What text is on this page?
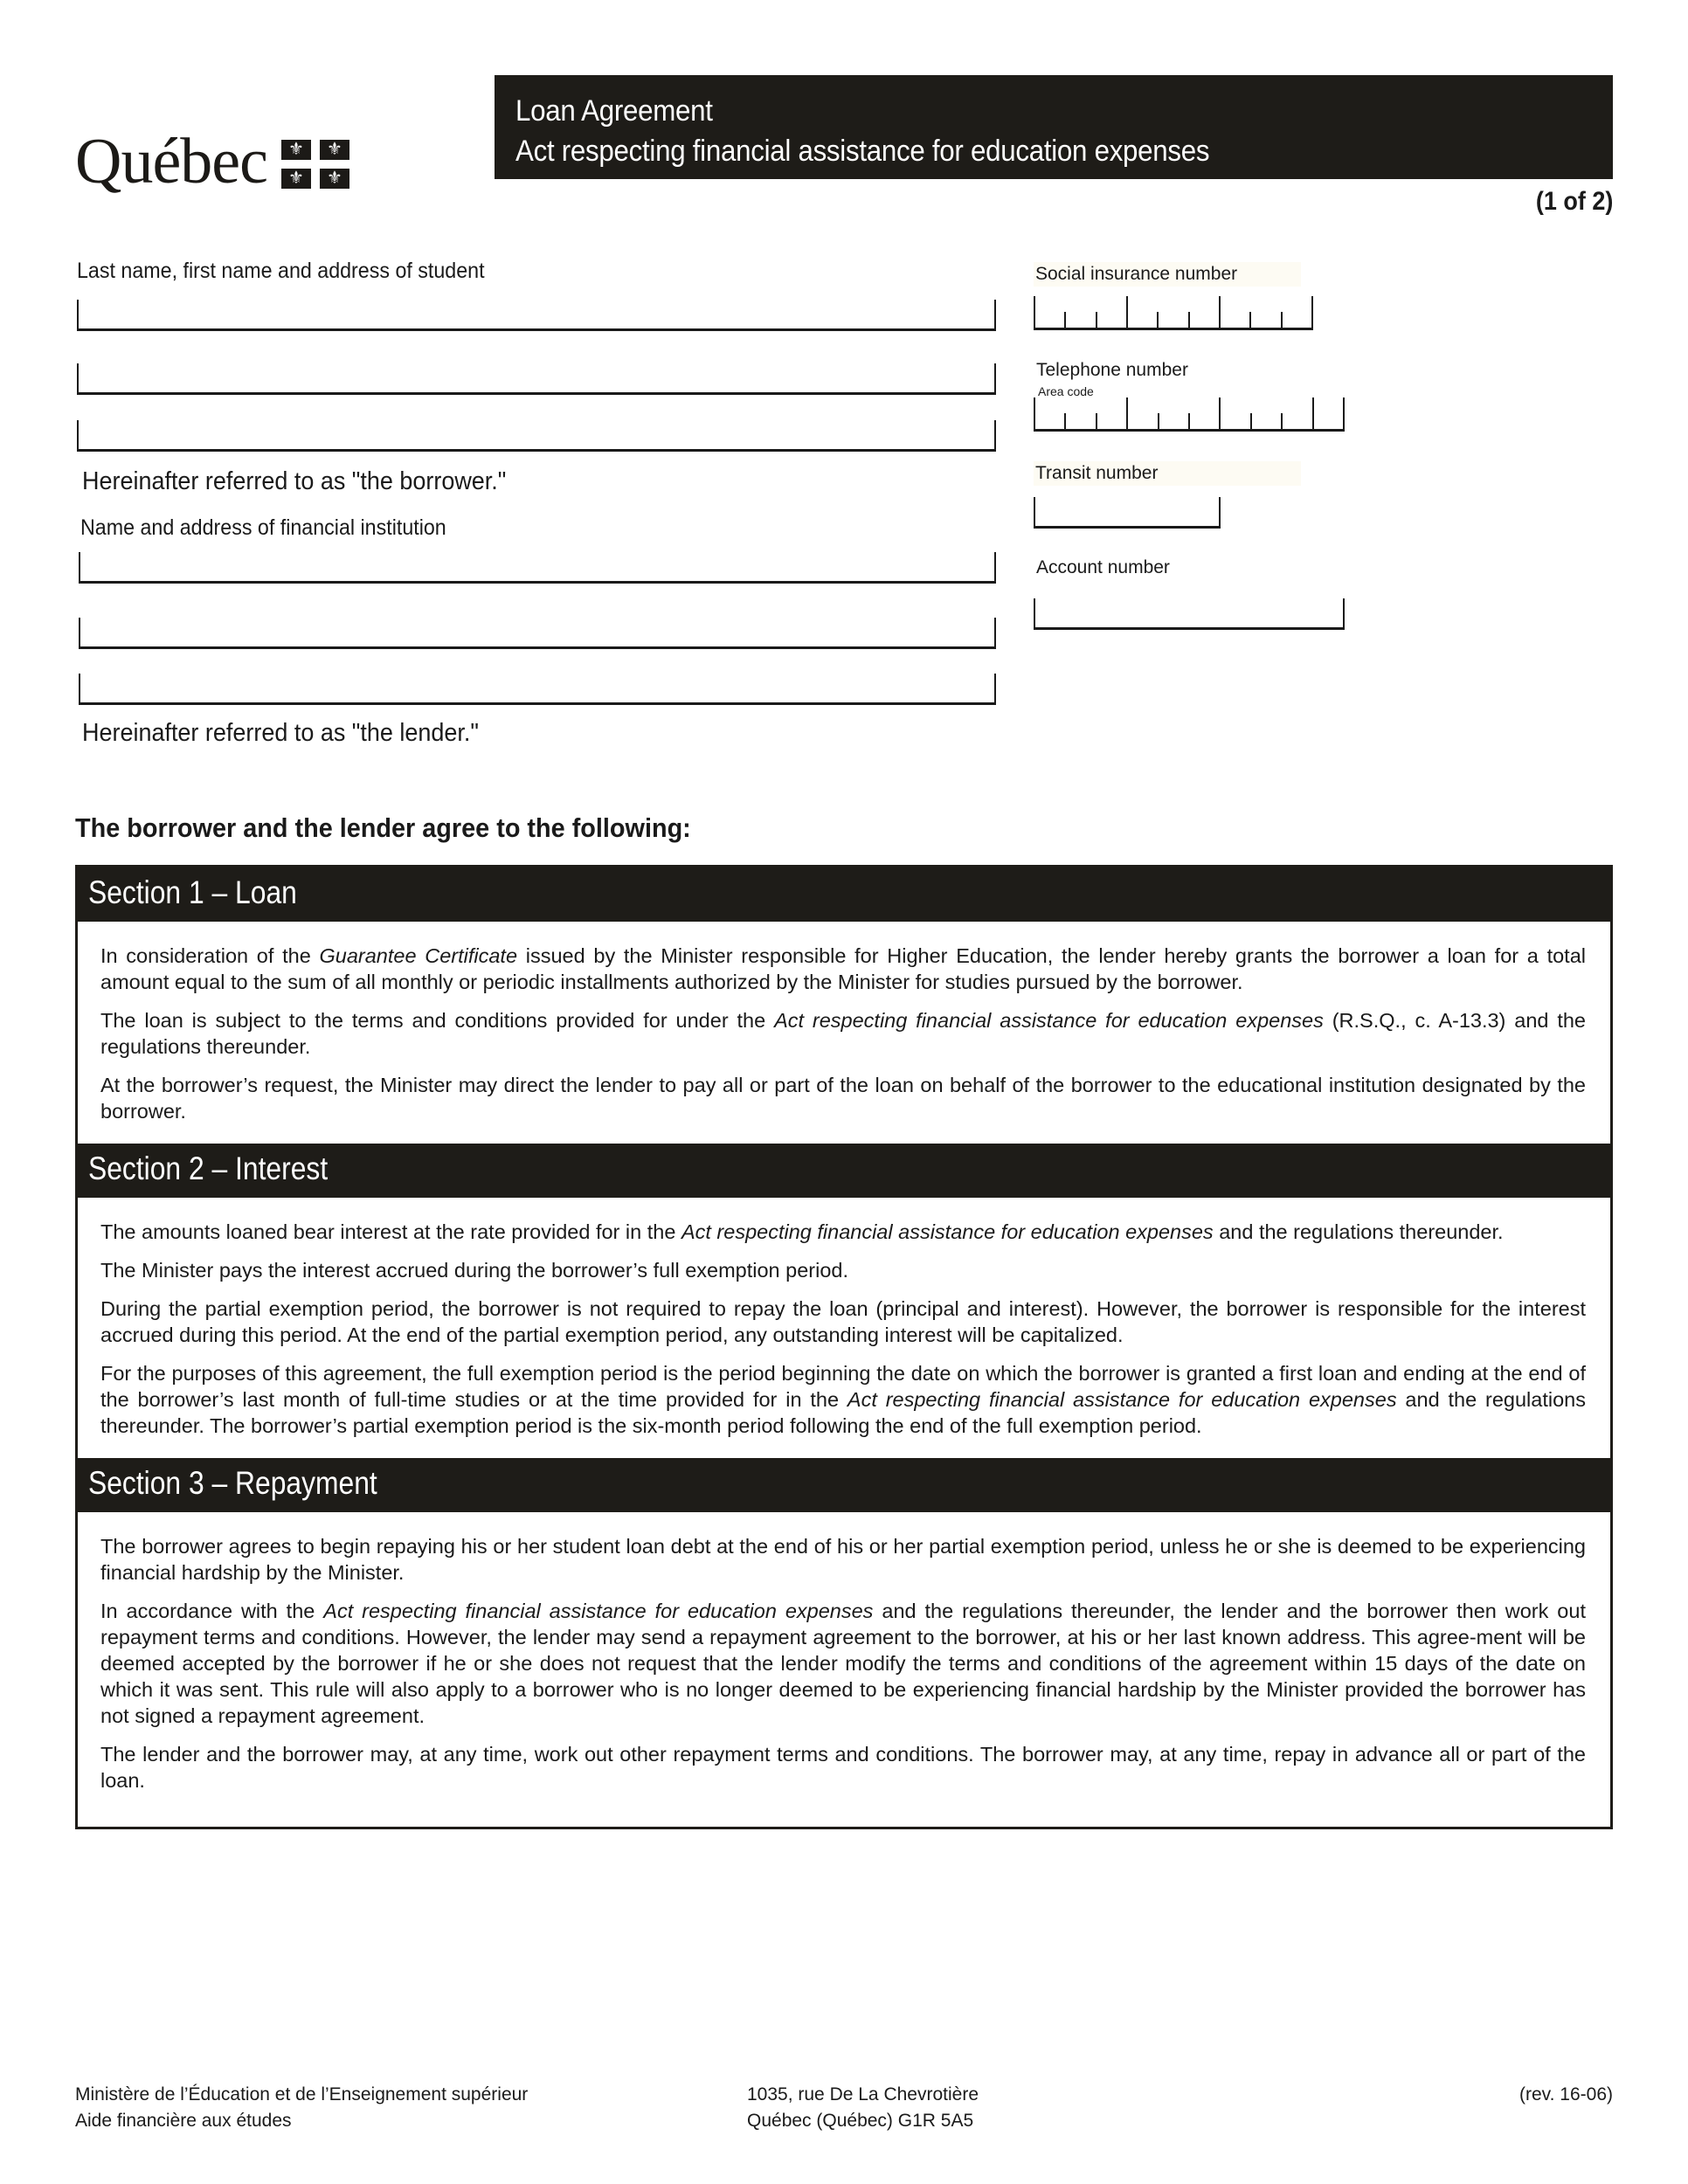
Québec	⚜	⚜
⚜	⚜
Loan Agreement
Act respecting financial assistance for education expenses
(1 of 2)
Last name, first name and address of student
Hereinafter referred to as "the borrower."
Name and address of financial institution
Hereinafter referred to as "the lender."
Social insurance number
Telephone number
Area code
Transit number
Account number
The borrower and the lender agree to the following:
Section 1 – Loan

In consideration of the Guarantee Certificate issued by the Minister responsible for Higher Education, the lender hereby grants the borrower a loan for a total amount equal to the sum of all monthly or periodic installments authorized by the Minister for studies pursued by the borrower.

The loan is subject to the terms and conditions provided for under the Act respecting financial assistance for education expenses (R.S.Q., c. A-13.3) and the regulations thereunder.

At the borrower’s request, the Minister may direct the lender to pay all or part of the loan on behalf of the borrower to the educational institution designated by the borrower.

Section 2 – Interest

The amounts loaned bear interest at the rate provided for in the Act respecting financial assistance for education expenses and the regulations thereunder.

The Minister pays the interest accrued during the borrower’s full exemption period.

During the partial exemption period, the borrower is not required to repay the loan (principal and interest). However, the borrower is responsible for the interest accrued during this period. At the end of the partial exemption period, any outstanding interest will be capitalized.

For the purposes of this agreement, the full exemption period is the period beginning the date on which the borrower is granted a first loan and ending at the end of the borrower’s last month of full-time studies or at the time provided for in the Act respecting financial assistance for education expenses and the regulations thereunder. The borrower’s partial exemption period is the six-month period following the end of the full exemption period.

Section 3 – Repayment

The borrower agrees to begin repaying his or her student loan debt at the end of his or her partial exemption period, unless he or she is deemed to be experiencing financial hardship by the Minister.

In accordance with the Act respecting financial assistance for education expenses and the regulations thereunder, the lender and the borrower then work out repayment terms and conditions. However, the lender may send a repayment agreement to the borrower, at his or her last known address. This agree-ment will be deemed accepted by the borrower if he or she does not request that the lender modify the terms and conditions of the agreement within 15 days of the date on which it was sent. This rule will also apply to a borrower who is no longer deemed to be experiencing financial hardship by the Minister provided the borrower has not signed a repayment agreement.

The lender and the borrower may, at any time, work out other repayment terms and conditions. The borrower may, at any time, repay in advance all or part of the loan.

Ministère de l’Éducation et de l’Enseignement supérieur
Aide financière aux études
1035, rue De La Chevrotière
Québec (Québec) G1R 5A5
(rev. 16-06)
